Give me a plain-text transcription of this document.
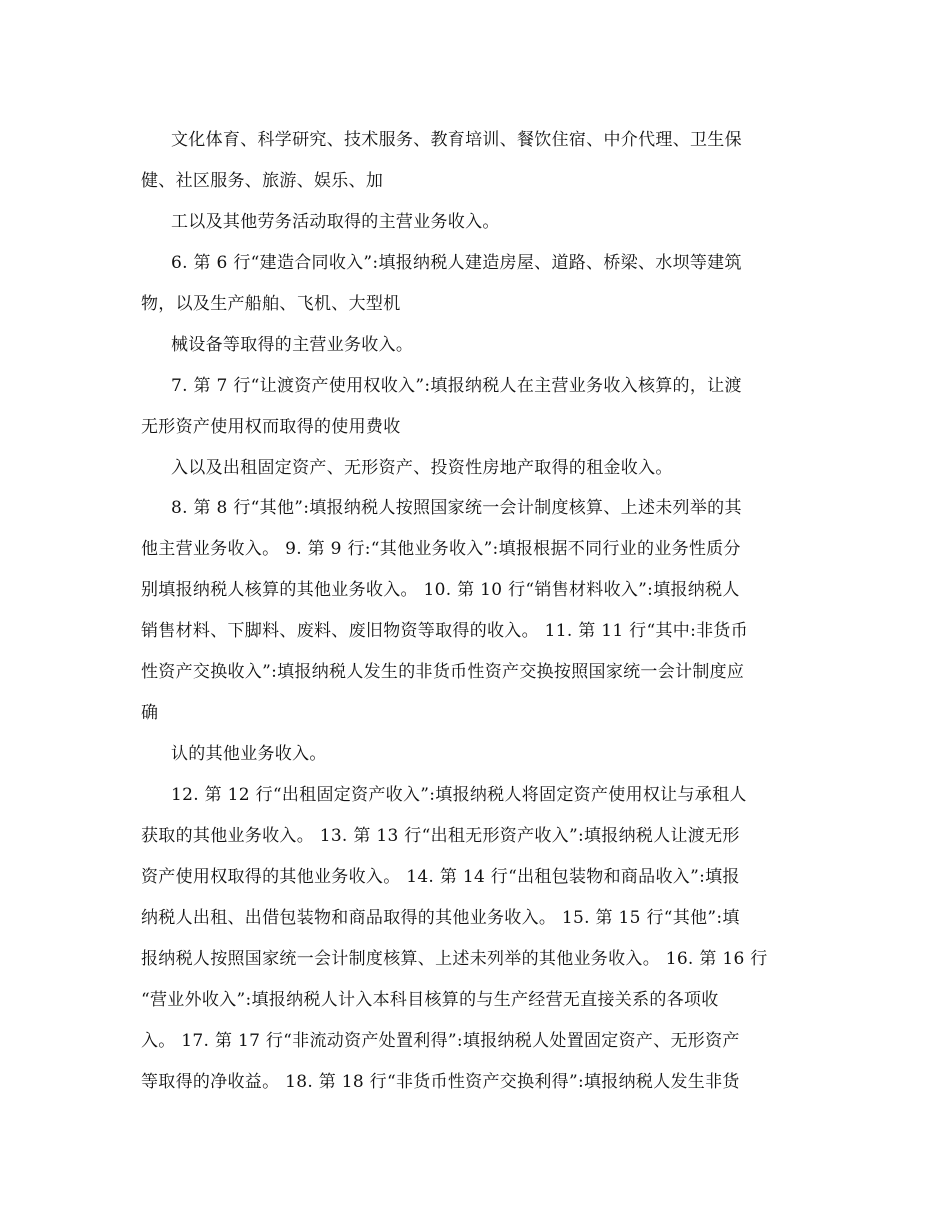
文化体育、科学研究、技术服务、教育培训、餐饮住宿、中介代理、卫生保
健、社区服务、旅游、娱乐、加
工以及其他劳务活动取得的主营业务收入。
6. 第 6 行“建造合同收入”:填报纳税人建造房屋、道路、桥梁、水坝等建筑
物，以及生产船舶、飞机、大型机
械设备等取得的主营业务收入。
7. 第 7 行“让渡资产使用权收入”:填报纳税人在主营业务收入核算的，让渡
无形资产使用权而取得的使用费收
入以及出租固定资产、无形资产、投资性房地产取得的租金收入。
8. 第 8 行“其他”:填报纳税人按照国家统一会计制度核算、上述未列举的其
他主营业务收入。 9. 第 9 行:“其他业务收入”:填报根据不同行业的业务性质分
别填报纳税人核算的其他业务收入。 10. 第 10 行“销售材料收入”:填报纳税人
销售材料、下脚料、废料、废旧物资等取得的收入。 11. 第 11 行“其中:非货币
性资产交换收入”:填报纳税人发生的非货币性资产交换按照国家统一会计制度应
确
认的其他业务收入。
12. 第 12 行“出租固定资产收入”:填报纳税人将固定资产使用权让与承租人
获取的其他业务收入。 13. 第 13 行“出租无形资产收入”:填报纳税人让渡无形
资产使用权取得的其他业务收入。 14. 第 14 行“出租包装物和商品收入”:填报
纳税人出租、出借包装物和商品取得的其他业务收入。 15. 第 15 行“其他”:填
报纳税人按照国家统一会计制度核算、上述未列举的其他业务收入。 16. 第 16 行
“营业外收入”:填报纳税人计入本科目核算的与生产经营无直接关系的各项收
入。 17. 第 17 行“非流动资产处置利得”:填报纳税人处置固定资产、无形资产
等取得的净收益。 18. 第 18 行“非货币性资产交换利得”:填报纳税人发生非货
